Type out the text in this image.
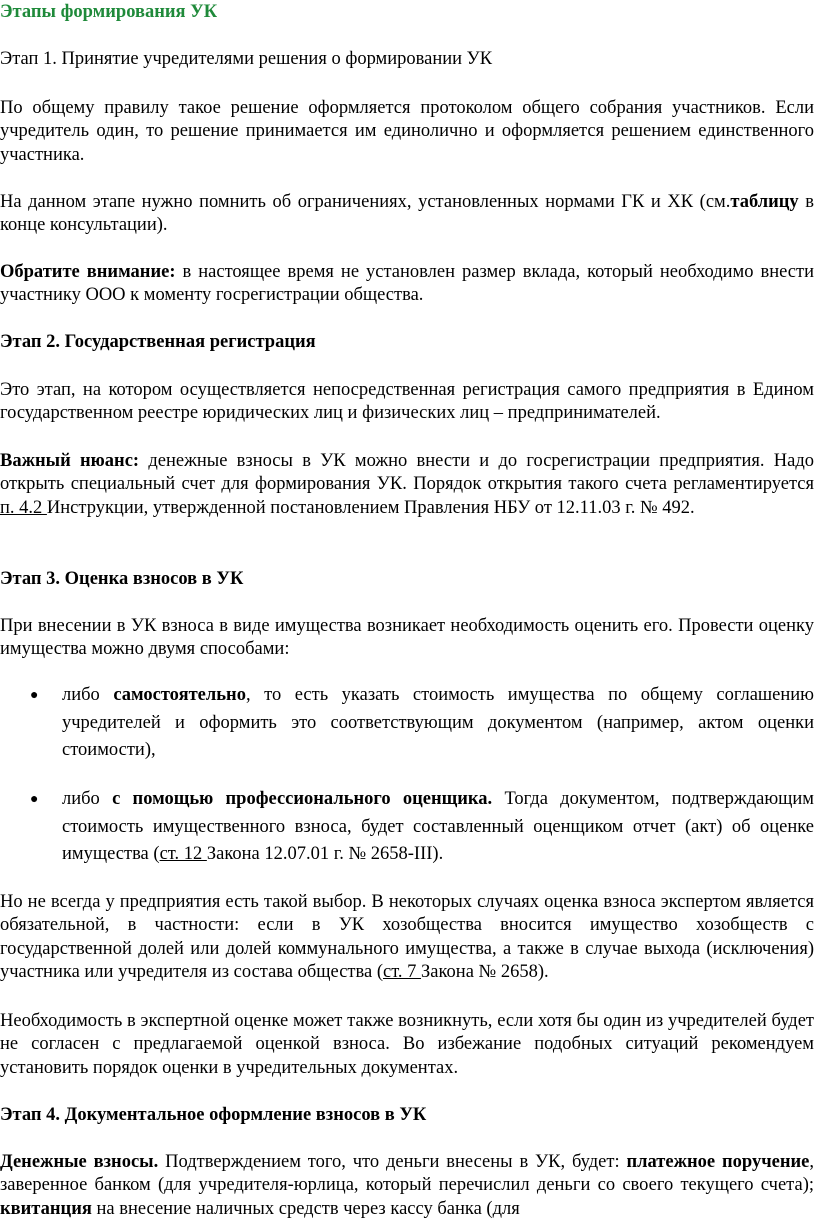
Этапы формирования УК

Этап 1. Принятие учредителями решения о формировании УК

По общему правилу такое решение оформляется протоколом общего собрания участников. Если учредитель один, то решение принимается им единолично и оформляется решением единственного участника.

На данном этапе нужно помнить об ограничениях, установленных нормами ГК и ХК (см.таблицу в конце консультации).

Обратите внимание: в настоящее время не установлен размер вклада, который необходимо внести участнику ООО к моменту госрегистрации общества.

Этап 2. Государственная регистрация

Это этап, на котором осуществляется непосредственная регистрация самого предприятия в Едином государственном реестре юридических лиц и физических лиц – предпринимателей.

Важный нюанс: денежные взносы в УК можно внести и до госрегистрации предприятия. Надо открыть специальный счет для формирования УК. Порядок открытия такого счета регламентируется п. 4.2 Инструкции, утвержденной постановлением Правления НБУ от 12.11.03 г. № 492.

Этап 3. Оценка взносов в УК

При внесении в УК взноса в виде имущества возникает необходимость оценить его. Провести оценку имущества можно двумя способами:

● либо самостоятельно, то есть указать стоимость имущества по общему соглашению учредителей и оформить это соответствующим документом (например, актом оценки стоимости),
● либо с помощью профессионального оценщика. Тогда документом, подтверждающим стоимость имущественного взноса, будет составленный оценщиком отчет (акт) об оценке имущества (ст. 12 Закона 12.07.01 г. № 2658-III).

Но не всегда у предприятия есть такой выбор. В некоторых случаях оценка взноса экспертом является обязательной, в частности: если в УК хозобщества вносится имущество хозобществ с государственной долей или долей коммунального имущества, а также в случае выхода (исключения) участника или учредителя из состава общества (ст. 7 Закона № 2658).

Необходимость в экспертной оценке может также возникнуть, если хотя бы один из учредителей будет не согласен с предлагаемой оценкой взноса. Во избежание подобных ситуаций рекомендуем установить порядок оценки в учредительных документах.

Этап 4. Документальное оформление взносов в УК

Денежные взносы. Подтверждением того, что деньги внесены в УК, будет: платежное поручение, заверенное банком (для учредителя-юрлица, который перечислил деньги со своего текущего счета); квитанция на внесение наличных средств через кассу банка (для
